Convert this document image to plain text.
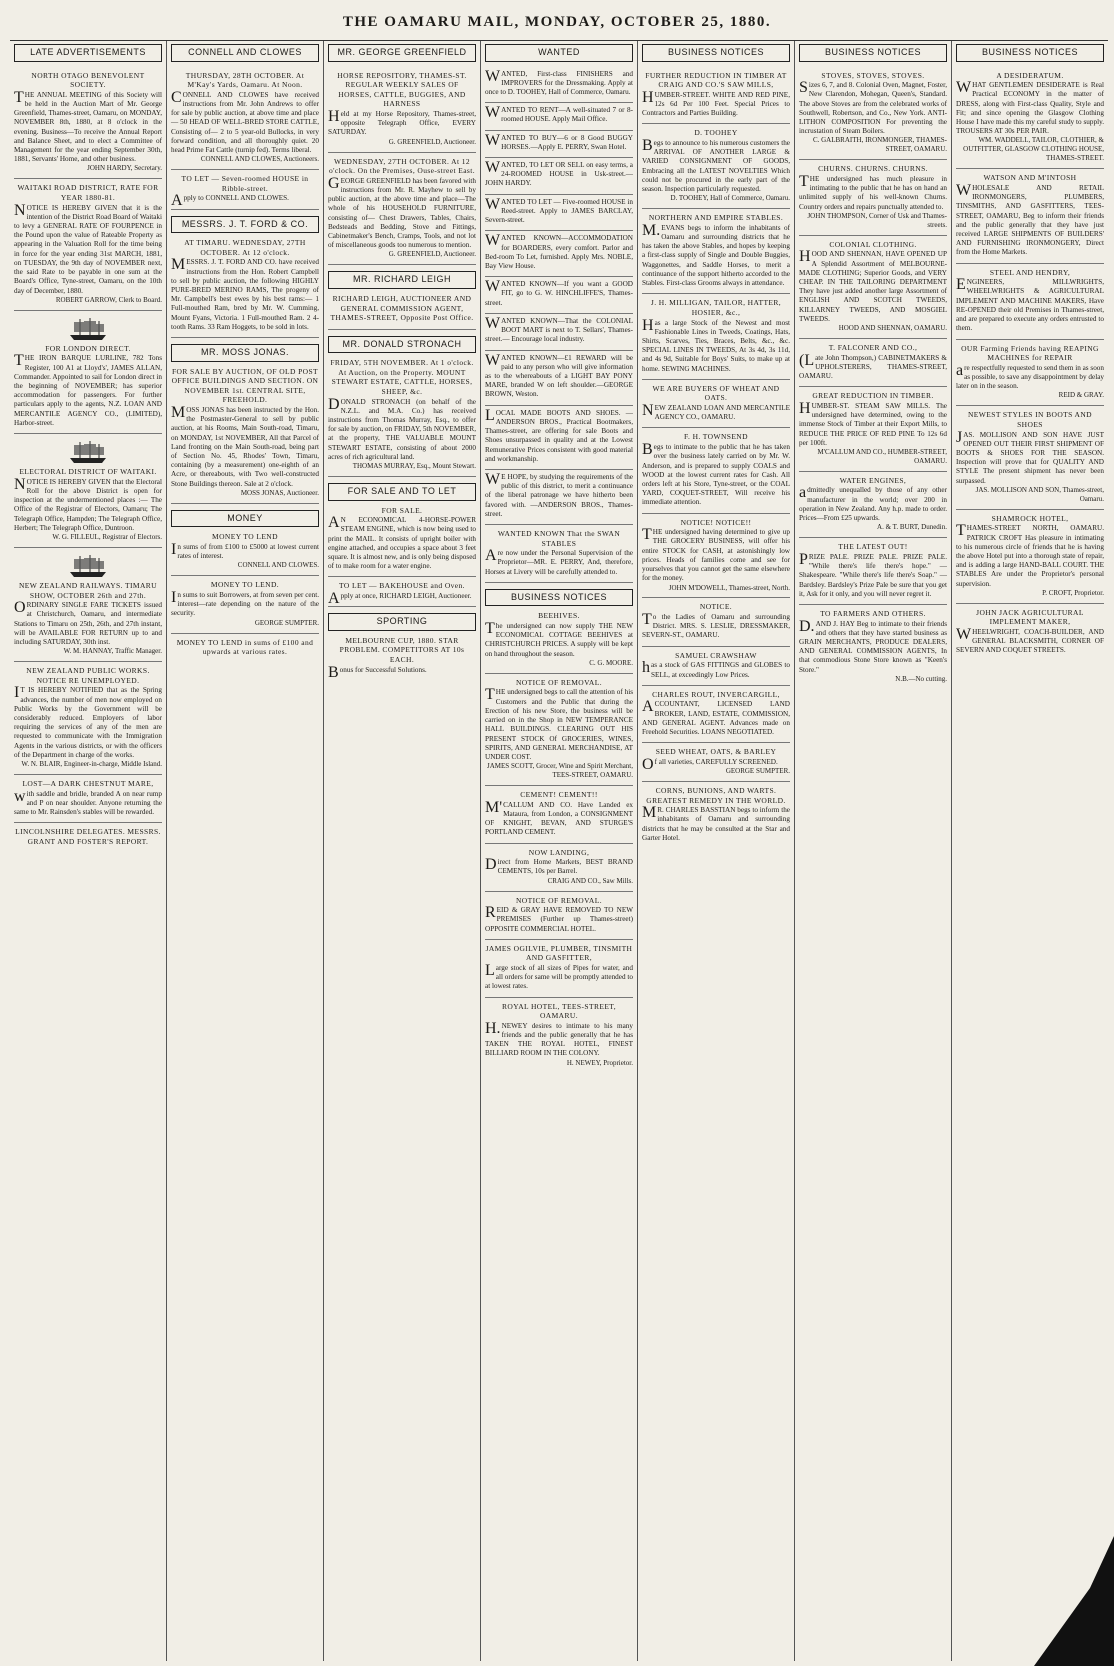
THE OAMARU MAIL, MONDAY, OCTOBER 25, 1880.
LATE ADVERTISEMENTS
NORTH OTAGO BENEVOLENT SOCIETY.
THE ANNUAL MEETING of this Society will be held in the Auction Mart of Mr. George Greenfield, Thames-street, Oamaru, on MONDAY, NOVEMBER 8th, 1880, at 8 o'clock in the evening. Business—To receive the Annual Report and Balance Sheet, and to elect a Committee of Management for the year ending September 30th, 1881, Servants' Home, and other business.
JOHN HARDY, Secretary.
WAITAKI ROAD DISTRICT, RATE FOR YEAR 1880-81.
NOTICE IS HEREBY GIVEN that it is the intention of the District Road Board of Waitaki to levy a GENERAL RATE OF FOURPENCE in the Pound upon the value of Rateable Property as appearing in the Valuation Roll for the time being in force for the year ending 31st MARCH, 1881, on TUESDAY, the 9th day of NOVEMBER next, the said Rate to be payable in one sum at the Board's Office, Tyne-street, Oamaru, on the 10th day of December, 1880.
ROBERT GARROW, Clerk to Board.
FOR LONDON DIRECT.
THE IRON BARQUE LURLINE, 782 Tons Register, 100 A1 at Lloyd's', JAMES ALLAN, Commander. Appointed to sail for London direct in the beginning of NOVEMBER; has superior accommodation for passengers. For further particulars apply to the agents, N.Z. LOAN AND MERCANTILE AGENCY CO., (LIMITED), Harbor-street.
ELECTORAL DISTRICT OF WAITAKI.
NOTICE IS HEREBY GIVEN that the Electoral Roll for the above District is open for inspection at the undermentioned places :— The Office of the Registrar of Electors, Oamaru; The Telegraph Office, Hampden; The Telegraph Office, Herbert; The Telegraph Office, Duntroon.
W. G. FILLEUL, Registrar of Electors.
NEW ZEALAND RAILWAYS. TIMARU SHOW, OCTOBER 26th and 27th.
ORDINARY SINGLE FARE TICKETS issued at Christchurch, Oamaru, and intermediate Stations to Timaru on 25th, 26th, and 27th instant, will be AVAILABLE FOR RETURN up to and including SATURDAY, 30th inst.
W. M. HANNAY, Traffic Manager.
NEW ZEALAND PUBLIC WORKS. NOTICE RE UNEMPLOYED.
IT IS HEREBY NOTIFIED that as the Spring advances, the number of men now employed on Public Works by the Government will be considerably reduced. Employers of labor requiring the services of any of the men are requested to communicate with the Immigration Agents in the various districts, or with the officers of the Department in charge of the works.
W. N. BLAIR, Engineer-in-charge, Middle Island.
LOST—A DARK CHESTNUT MARE,
with saddle and bridle, branded A on near rump and P on near shoulder. Anyone returning the same to Mr. Rainsden's stables will be rewarded.
LINCOLNSHIRE DELEGATES. MESSRS. GRANT AND FOSTER'S REPORT.
CONNELL AND CLOWES
THURSDAY, 28TH OCTOBER. At M'Kay's Yards, Oamaru. At Noon.
CONNELL AND CLOWES have received instructions from Mr. John Andrews to offer for sale by public auction, at above time and place— 50 HEAD OF WELL-BRED STORE CATTLE, Consisting of— 2 to 5 year-old Bullocks, in very forward condition, and all thoroughly quiet. 20 head Prime Fat Cattle (turnip fed). Terms liberal.
CONNELL AND CLOWES, Auctioneers.
TO LET — Seven-roomed HOUSE in Ribble-street.
Apply to CONNELL AND CLOWES.
MESSRS. J. T. FORD & CO.
AT TIMARU. WEDNESDAY, 27TH OCTOBER. At 12 o'clock.
MESSRS. J. T. FORD AND CO. have received instructions from the Hon. Robert Campbell to sell by public auction, the following HIGHLY PURE-BRED MERINO RAMS, The progeny of Mr. Campbell's best ewes by his best rams:— 1 Full-mouthed Ram, bred by Mr. W. Cumming, Mount Fyans, Victoria. 1 Full-mouthed Ram. 2 4-tooth Rams. 33 Ram Hoggets, to be sold in lots.
MR. MOSS JONAS.
FOR SALE BY AUCTION, OF OLD POST OFFICE BUILDINGS AND SECTION. ON NOVEMBER 1st. CENTRAL SITE, FREEHOLD.
MOSS JONAS has been instructed by the Hon. the Postmaster-General to sell by public auction, at his Rooms, Main South-road, Timaru, on MONDAY, 1st NOVEMBER, All that Parcel of Land fronting on the Main South-road, being part of Section No. 45, Rhodes' Town, Timaru, containing (by a measurement) one-eighth of an Acre, or thereabouts, with Two well-constructed Stone Buildings thereon. Sale at 2 o'clock.
MOSS JONAS, Auctioneer.
MONEY
MONEY TO LEND
In sums of from £100 to £5000 at lowest current rates of interest.
CONNELL AND CLOWES.
MONEY TO LEND.
In sums to suit Borrowers, at from seven per cent. interest—rate depending on the nature of the security.
GEORGE SUMPTER.
MONEY TO LEND in sums of £100 and upwards at various rates.
MR. GEORGE GREENFIELD
HORSE REPOSITORY, THAMES-ST. REGULAR WEEKLY SALES OF HORSES, CATTLE, BUGGIES, AND HARNESS
Held at my Horse Repository, Thames-street, opposite Telegraph Office, EVERY SATURDAY.
G. GREENFIELD, Auctioneer.
WEDNESDAY, 27TH OCTOBER. At 12 o'clock. On the Premises, Ouse-street East.
GEORGE GREENFIELD has been favored with instructions from Mr. R. Mayhew to sell by public auction, at the above time and place—The whole of his HOUSEHOLD FURNITURE, consisting of— Chest Drawers, Tables, Chairs, Bedsteads and Bedding, Stove and Fittings, Cabinetmaker's Bench, Cramps, Tools, and not lot of miscellaneous goods too numerous to mention.
G. GREENFIELD, Auctioneer.
MR. RICHARD LEIGH
RICHARD LEIGH, AUCTIONEER AND GENERAL COMMISSION AGENT, THAMES-STREET, Opposite Post Office.
MR. DONALD STRONACH
FRIDAY, 5TH NOVEMBER. At 1 o'clock. At Auction, on the Property. MOUNT STEWART ESTATE, CATTLE, HORSES, SHEEP, &c.
DONALD STRONACH (on behalf of the N.Z.L. and M.A. Co.) has received instructions from Thomas Murray, Esq., to offer for sale by auction, on FRIDAY, 5th NOVEMBER, at the property, THE VALUABLE MOUNT STEWART ESTATE, consisting of about 2000 acres of rich agricultural land.
THOMAS MURRAY, Esq., Mount Stewart.
FOR SALE AND TO LET
FOR SALE.
AN ECONOMICAL 4-HORSE-POWER STEAM ENGINE, which is now being used to print the MAIL. It consists of upright boiler with engine attached, and occupies a space about 3 feet square. It is almost new, and is only being disposed of to make room for a water engine.
TO LET — BAKEHOUSE and Oven.
Apply at once, RICHARD LEIGH, Auctioneer.
SPORTING
MELBOURNE CUP, 1880. STAR PROBLEM. COMPETITORS AT 10s EACH.
Bonus for Successful Solutions.
WANTED
WANTED, First-class FINISHERS and IMPROVERS for the Dressmaking. Apply at once to D. TOOHEY, Hall of Commerce, Oamaru.
WANTED TO RENT—A well-situated 7 or 8-roomed HOUSE. Apply Mail Office.
WANTED TO BUY—6 or 8 Good BUGGY HORSES.—Apply E. PERRY, Swan Hotel.
WANTED, TO LET OR SELL on easy terms, a 24-ROOMED HOUSE in Usk-street.—JOHN HARDY.
WANTED TO LET — Five-roomed HOUSE in Reed-street. Apply to JAMES BARCLAY, Severn-street.
WANTED KNOWN—ACCOMMODATION for BOARDERS, every comfort. Parlor and Bed-room To Let, furnished. Apply Mrs. NOBLE, Bay View House.
WANTED KNOWN—If you want a GOOD FIT, go to G. W. HINCHLIFFE'S, Thames-street.
WANTED KNOWN—That the COLONIAL BOOT MART is next to T. Sellars', Thames-street.— Encourage local industry.
WANTED KNOWN—£1 REWARD will be paid to any person who will give information as to the whereabouts of a LIGHT BAY PONY MARE, branded W on left shoulder.—GEORGE BROWN, Weston.
LOCAL MADE BOOTS AND SHOES. —ANDERSON BROS., Practical Bootmakers, Thames-street, are offering for sale Boots and Shoes unsurpassed in quality and at the Lowest Remunerative Prices consistent with good material and workmanship.
WE HOPE, by studying the requirements of the public of this district, to merit a continuance of the liberal patronage we have hitherto been favored with. —ANDERSON BROS., Thames-street.
WANTED KNOWN That the SWAN STABLES
Are now under the Personal Supervision of the Proprietor—MR. E. PERRY, And, therefore, Horses at Livery will be carefully attended to.
BUSINESS NOTICES
BEEHIVES.
The undersigned can now supply THE NEW ECONOMICAL COTTAGE BEEHIVES at CHRISTCHURCH PRICES. A supply will be kept on hand throughout the season.
C. G. MOORE.
NOTICE OF REMOVAL.
THE undersigned begs to call the attention of his Customers and the Public that during the Erection of his new Store, the business will be carried on in the Shop in NEW TEMPERANCE HALL BUILDINGS. CLEARING OUT HIS PRESENT STOCK Of GROCERIES, WINES, SPIRITS, AND GENERAL MERCHANDISE, AT UNDER COST.
JAMES SCOTT, Grocer, Wine and Spirit Merchant, TEES-STREET, OAMARU.
CEMENT! CEMENT!!
M'CALLUM AND CO. Have Landed ex Mataura, from London, a CONSIGNMENT OF KNIGHT, BEVAN, AND STURGE'S PORTLAND CEMENT.
NOW LANDING,
Direct from Home Markets, BEST BRAND CEMENTS, 10s per Barrel.
CRAIG AND CO., Saw Mills.
NOTICE OF REMOVAL.
REID & GRAY HAVE REMOVED TO NEW PREMISES (Further up Thames-street) OPPOSITE COMMERCIAL HOTEL.
JAMES OGILVIE, PLUMBER, TINSMITH AND GASFITTER,
Large stock of all sizes of Pipes for water, and all orders for same will be promptly attended to at lowest rates.
ROYAL HOTEL, TEES-STREET, OAMARU.
H.NEWEY desires to intimate to his many friends and the public generally that he has TAKEN THE ROYAL HOTEL, FINEST BILLIARD ROOM IN THE COLONY.
H. NEWEY, Proprietor.
BUSINESS NOTICES
FURTHER REDUCTION IN TIMBER AT CRAIG AND CO.'S SAW MILLS,
HUMBER-STREET. WHITE AND RED PINE, 12s 6d Per 100 Feet. Special Prices to Contractors and Parties Building.
D. TOOHEY
Begs to announce to his numerous customers the ARRIVAL OF ANOTHER LARGE & VARIED CONSIGNMENT OF GOODS, Embracing all the LATEST NOVELTIES Which could not be procured in the early part of the season. Inspection particularly requested.
D. TOOHEY, Hall of Commerce, Oamaru.
NORTHERN AND EMPIRE STABLES.
M.EVANS begs to inform the inhabitants of Oamaru and surrounding districts that he has taken the above Stables, and hopes by keeping a first-class supply of Single and Double Buggies, Waggonettes, and Saddle Horses, to merit a continuance of the support hitherto accorded to the Stables. First-class Grooms always in attendance.
J. H. MILLIGAN, TAILOR, HATTER, HOSIER, &c.,
Has a large Stock of the Newest and most Fashionable Lines in Tweeds, Coatings, Hats, Shirts, Scarves, Ties, Braces, Belts, &c., &c. SPECIAL LINES IN TWEEDS, At 3s 4d, 3s 11d, and 4s 9d, Suitable for Boys' Suits, to make up at home. SEWING MACHINES.
WE ARE BUYERS OF WHEAT AND OATS.
NEW ZEALAND LOAN AND MERCANTILE AGENCY CO., OAMARU.
F. H. TOWNSEND
Begs to intimate to the public that he has taken over the business lately carried on by Mr. W. Anderson, and is prepared to supply COALS and WOOD at the lowest current rates for Cash. All orders left at his Store, Tyne-street, or the COAL YARD, COQUET-STREET, Will receive his immediate attention.
NOTICE! NOTICE!!
THE undersigned having determined to give up THE GROCERY BUSINESS, will offer his entire STOCK for CASH, at astonishingly low prices. Heads of families come and see for yourselves that you cannot get the same elsewhere for the money.
JOHN M'DOWELL, Thames-street, North.
NOTICE.
To the Ladies of Oamaru and surrounding District. MRS. S. LESLIE, DRESSMAKER, SEVERN-ST., OAMARU.
SAMUEL CRAWSHAW
has a stock of GAS FITTINGS and GLOBES to SELL, at exceedingly Low Prices.
CHARLES ROUT, INVERCARGILL,
ACCOUNTANT, LICENSED LAND BROKER, LAND, ESTATE, COMMISSION, AND GENERAL AGENT. Advances made on Freehold Securities. LOANS NEGOTIATED.
SEED WHEAT, OATS, & BARLEY
Of all varieties, CAREFULLY SCREENED.
GEORGE SUMPTER.
CORNS, BUNIONS, AND WARTS. GREATEST REMEDY IN THE WORLD.
MR. CHARLES BASSTIAN begs to inform the inhabitants of Oamaru and surrounding districts that he may be consulted at the Star and Garter Hotel.
BUSINESS NOTICES
STOVES, STOVES, STOVES.
Sizes 6, 7, and 8. Colonial Oven, Magnet, Foster, New Clarendon, Mohegan, Queen's, Standard. The above Stoves are from the celebrated works of Southwell, Robertson, and Co., New York. ANTI-LITHON COMPOSITION For preventing the incrustation of Steam Boilers.
C. GALBRAITH, IRONMONGER, THAMES-STREET, OAMARU.
CHURNS. CHURNS. CHURNS.
THE undersigned has much pleasure in intimating to the public that he has on hand an unlimited supply of his well-known Churns. Country orders and repairs punctually attended to.
JOHN THOMPSON, Corner of Usk and Thames-streets.
COLONIAL CLOTHING.
HOOD AND SHENNAN, HAVE OPENED UP A Splendid Assortment of MELBOURNE-MADE CLOTHING; Superior Goods, and VERY CHEAP. IN THE TAILORING DEPARTMENT They have just added another large Assortment of ENGLISH AND SCOTCH TWEEDS, KILLARNEY TWEEDS, AND MOSGIEL TWEEDS.
HOOD AND SHENNAN, OAMARU.
T. FALCONER AND CO.,
(Late John Thompson,) CABINETMAKERS & UPHOLSTERERS, THAMES-STREET, OAMARU.
GREAT REDUCTION IN TIMBER.
HUMBER-ST. STEAM SAW MILLS. The undersigned have determined, owing to the immense Stock of Timber at their Export Mills, to REDUCE THE PRICE OF RED PINE To 12s 6d per 100ft.
M'CALLUM AND CO., HUMBER-STREET, OAMARU.
WATER ENGINES,
admittedly unequalled by those of any other manufacturer in the world; over 200 in operation in New Zealand. Any h.p. made to order. Prices—From £25 upwards.
A. & T. BURT, Dunedin.
THE LATEST OUT!
PRIZE PALE. PRIZE PALE. PRIZE PALE. "While there's life there's hope." —Shakespeare. "While there's life there's Soap." —Bardsley. Bardsley's Prize Pale be sure that you get it, Ask for it only, and you will never regret it.
TO FARMERS AND OTHERS.
D.AND J. HAY Beg to intimate to their friends and others that they have started business as GRAIN MERCHANTS, PRODUCE DEALERS, AND GENERAL COMMISSION AGENTS, In that commodious Stone Store known as "Keen's Store."
N.B.—No cutting.
BUSINESS NOTICES
A DESIDERATUM.
WHAT GENTLEMEN DESIDERATE is Real Practical ECONOMY in the matter of DRESS, along with First-class Quality, Style and Fit; and since opening the Glasgow Clothing House I have made this my careful study to supply. TROUSERS AT 30s PER PAIR.
WM. WADDELL, TAILOR, CLOTHIER, & OUTFITTER, GLASGOW CLOTHING HOUSE, THAMES-STREET.
WATSON AND M'INTOSH
WHOLESALE AND RETAIL IRONMONGERS, PLUMBERS, TINSMITHS, AND GASFITTERS, TEES-STREET, OAMARU, Beg to inform their friends and the public generally that they have just received LARGE SHIPMENTS OF BUILDERS' AND FURNISHING IRONMONGERY, Direct from the Home Markets.
STEEL AND HENDRY,
ENGINEERS, MILLWRIGHTS, WHEELWRIGHTS & AGRICULTURAL IMPLEMENT AND MACHINE MAKERS, Have RE-OPENED their old Premises in Thames-street, and are prepared to execute any orders entrusted to them.
OUR Farming Friends having REAPING MACHINES for REPAIR
are respectfully requested to send them in as soon as possible, to save any disappointment by delay later on in the season.
REID & GRAY.
NEWEST STYLES IN BOOTS AND SHOES
JAS. MOLLISON AND SON HAVE JUST OPENED OUT THEIR FIRST SHIPMENT OF BOOTS & SHOES FOR THE SEASON. Inspection will prove that for QUALITY AND STYLE The present shipment has never been surpassed.
JAS. MOLLISON AND SON, Thames-street, Oamaru.
SHAMROCK HOTEL,
THAMES-STREET NORTH, OAMARU. PATRICK CROFT Has pleasure in intimating to his numerous circle of friends that he is having the above Hotel put into a thorough state of repair, and is adding a large HAND-BALL COURT. THE STABLES Are under the Proprietor's personal supervision.
P. CROFT, Proprietor.
JOHN JACK AGRICULTURAL IMPLEMENT MAKER,
WHEELWRIGHT, COACH-BUILDER, AND GENERAL BLACKSMITH, CORNER OF SEVERN AND COQUET STREETS.
